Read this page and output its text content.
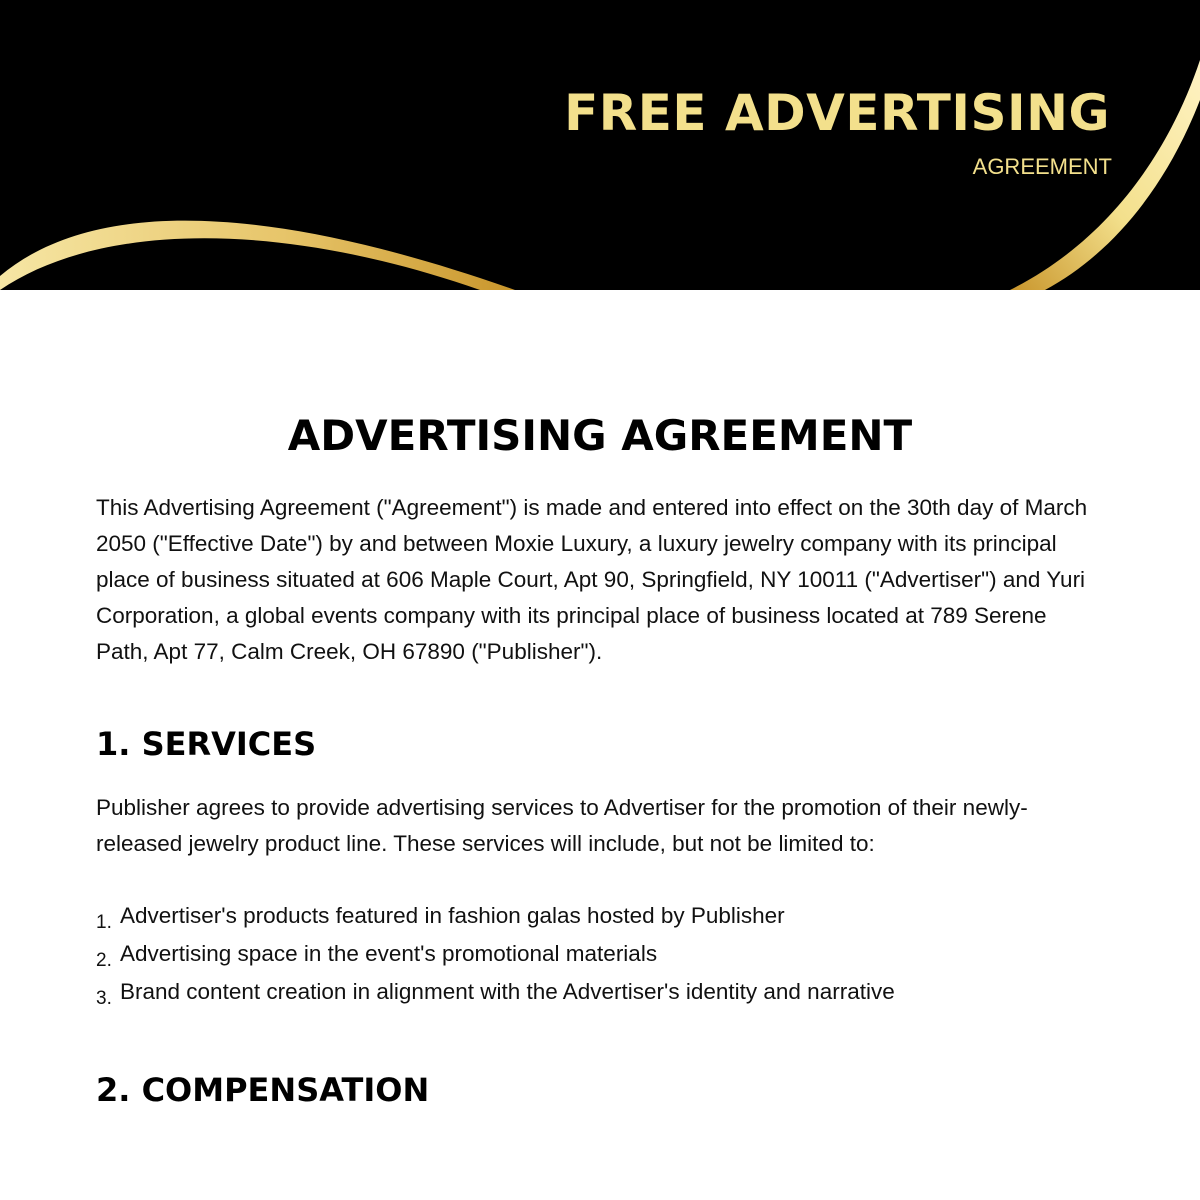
FREE ADVERTISING

AGREEMENT

ADVERTISING AGREEMENT

This Advertising Agreement ("Agreement") is made and entered into effect on the 30th day of March 2050 ("Effective Date") by and between Moxie Luxury, a luxury jewelry company with its principal place of business situated at 606 Maple Court, Apt 90, Springfield, NY 10011 ("Advertiser") and Yuri Corporation, a global events company with its principal place of business located at 789 Serene Path, Apt 77, Calm Creek, OH 67890 ("Publisher").

1. SERVICES

Publisher agrees to provide advertising services to Advertiser for the promotion of their newly-released jewelry product line. These services will include, but not be limited to:

1. Advertiser's products featured in fashion galas hosted by Publisher
2. Advertising space in the event's promotional materials
3. Brand content creation in alignment with the Advertiser's identity and narrative
2. COMPENSATION
